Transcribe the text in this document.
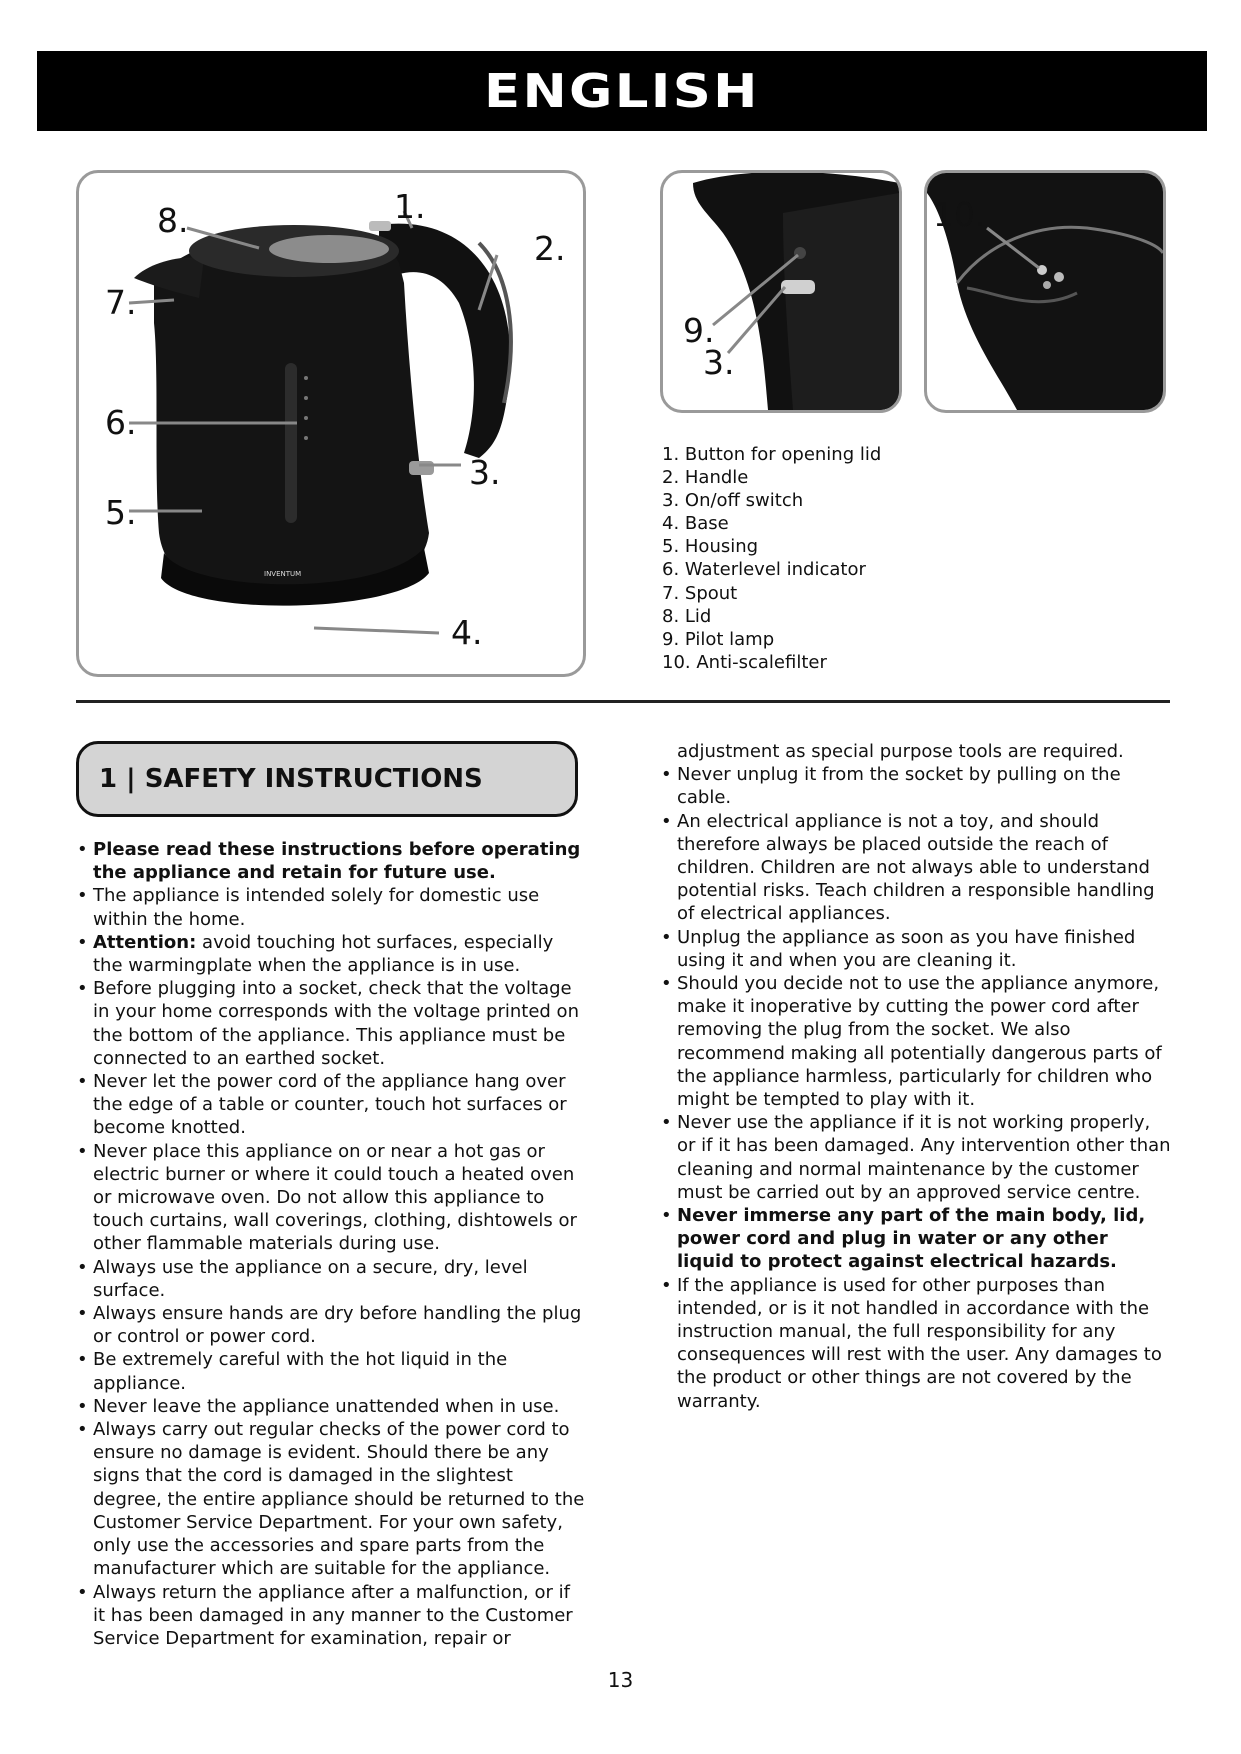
ENGLISH
INVENTUM
8.	1.
2.
7.
6.
3.
5.
4.
9.
3.
10.
1. Button for opening lid
2. Handle
3. On/off switch
4. Base
5. Housing
6. Waterlevel indicator
7. Spout
8. Lid
9. Pilot lamp
10. Anti-scalefilter
1 | SAFETY INSTRUCTIONS
• Please read these instructions before operating the appliance and retain for future use.
• The appliance is intended solely for domestic use within the home.
• Attention: avoid touching hot surfaces, especially the warmingplate when the appliance is in use.
• Before plugging into a socket, check that the voltage in your home corresponds with the voltage printed on the bottom of the appliance. This appliance must be connected to an earthed socket.
• Never let the power cord of the appliance hang over the edge of a table or counter, touch hot surfaces or become knotted.
• Never place this appliance on or near a hot gas or electric burner or where it could touch a heated oven or microwave oven. Do not allow this appliance to touch curtains, wall coverings, clothing, dishtowels or other flammable materials during use.
• Always use the appliance on a secure, dry, level surface.
• Always ensure hands are dry before handling the plug or control or power cord.
• Be extremely careful with the hot liquid in the appliance.
• Never leave the appliance unattended when in use.
• Always carry out regular checks of the power cord to ensure no damage is evident. Should there be any signs that the cord is damaged in the slightest degree, the entire appliance should be returned to the Customer Service Department. For your own safety, only use the accessories and spare parts from the manufacturer which are suitable for the appliance.
• Always return the appliance after a malfunction, or if it has been damaged in any manner to the Customer Service Department for examination, repair or
adjustment as special purpose tools are required.
• Never unplug it from the socket by pulling on the cable.
• An electrical appliance is not a toy, and should therefore always be placed outside the reach of children. Children are not always able to understand potential risks. Teach children a responsible handling of electrical appliances.
• Unplug the appliance as soon as you have finished using it and when you are cleaning it.
• Should you decide not to use the appliance anymore, make it inoperative by cutting the power cord after removing the plug from the socket. We also recommend making all potentially dangerous parts of the appliance harmless, particularly for children who might be tempted to play with it.
• Never use the appliance if it is not working properly, or if it has been damaged. Any intervention other than cleaning and normal maintenance by the customer must be carried out by an approved service centre.
• Never immerse any part of the main body, lid, power cord and plug in water or any other liquid to protect against electrical hazards.
• If the appliance is used for other purposes than intended, or is it not handled in accordance with the instruction manual, the full responsibility for any consequences will rest with the user. Any damages to the product or other things are not covered by the warranty.
13
